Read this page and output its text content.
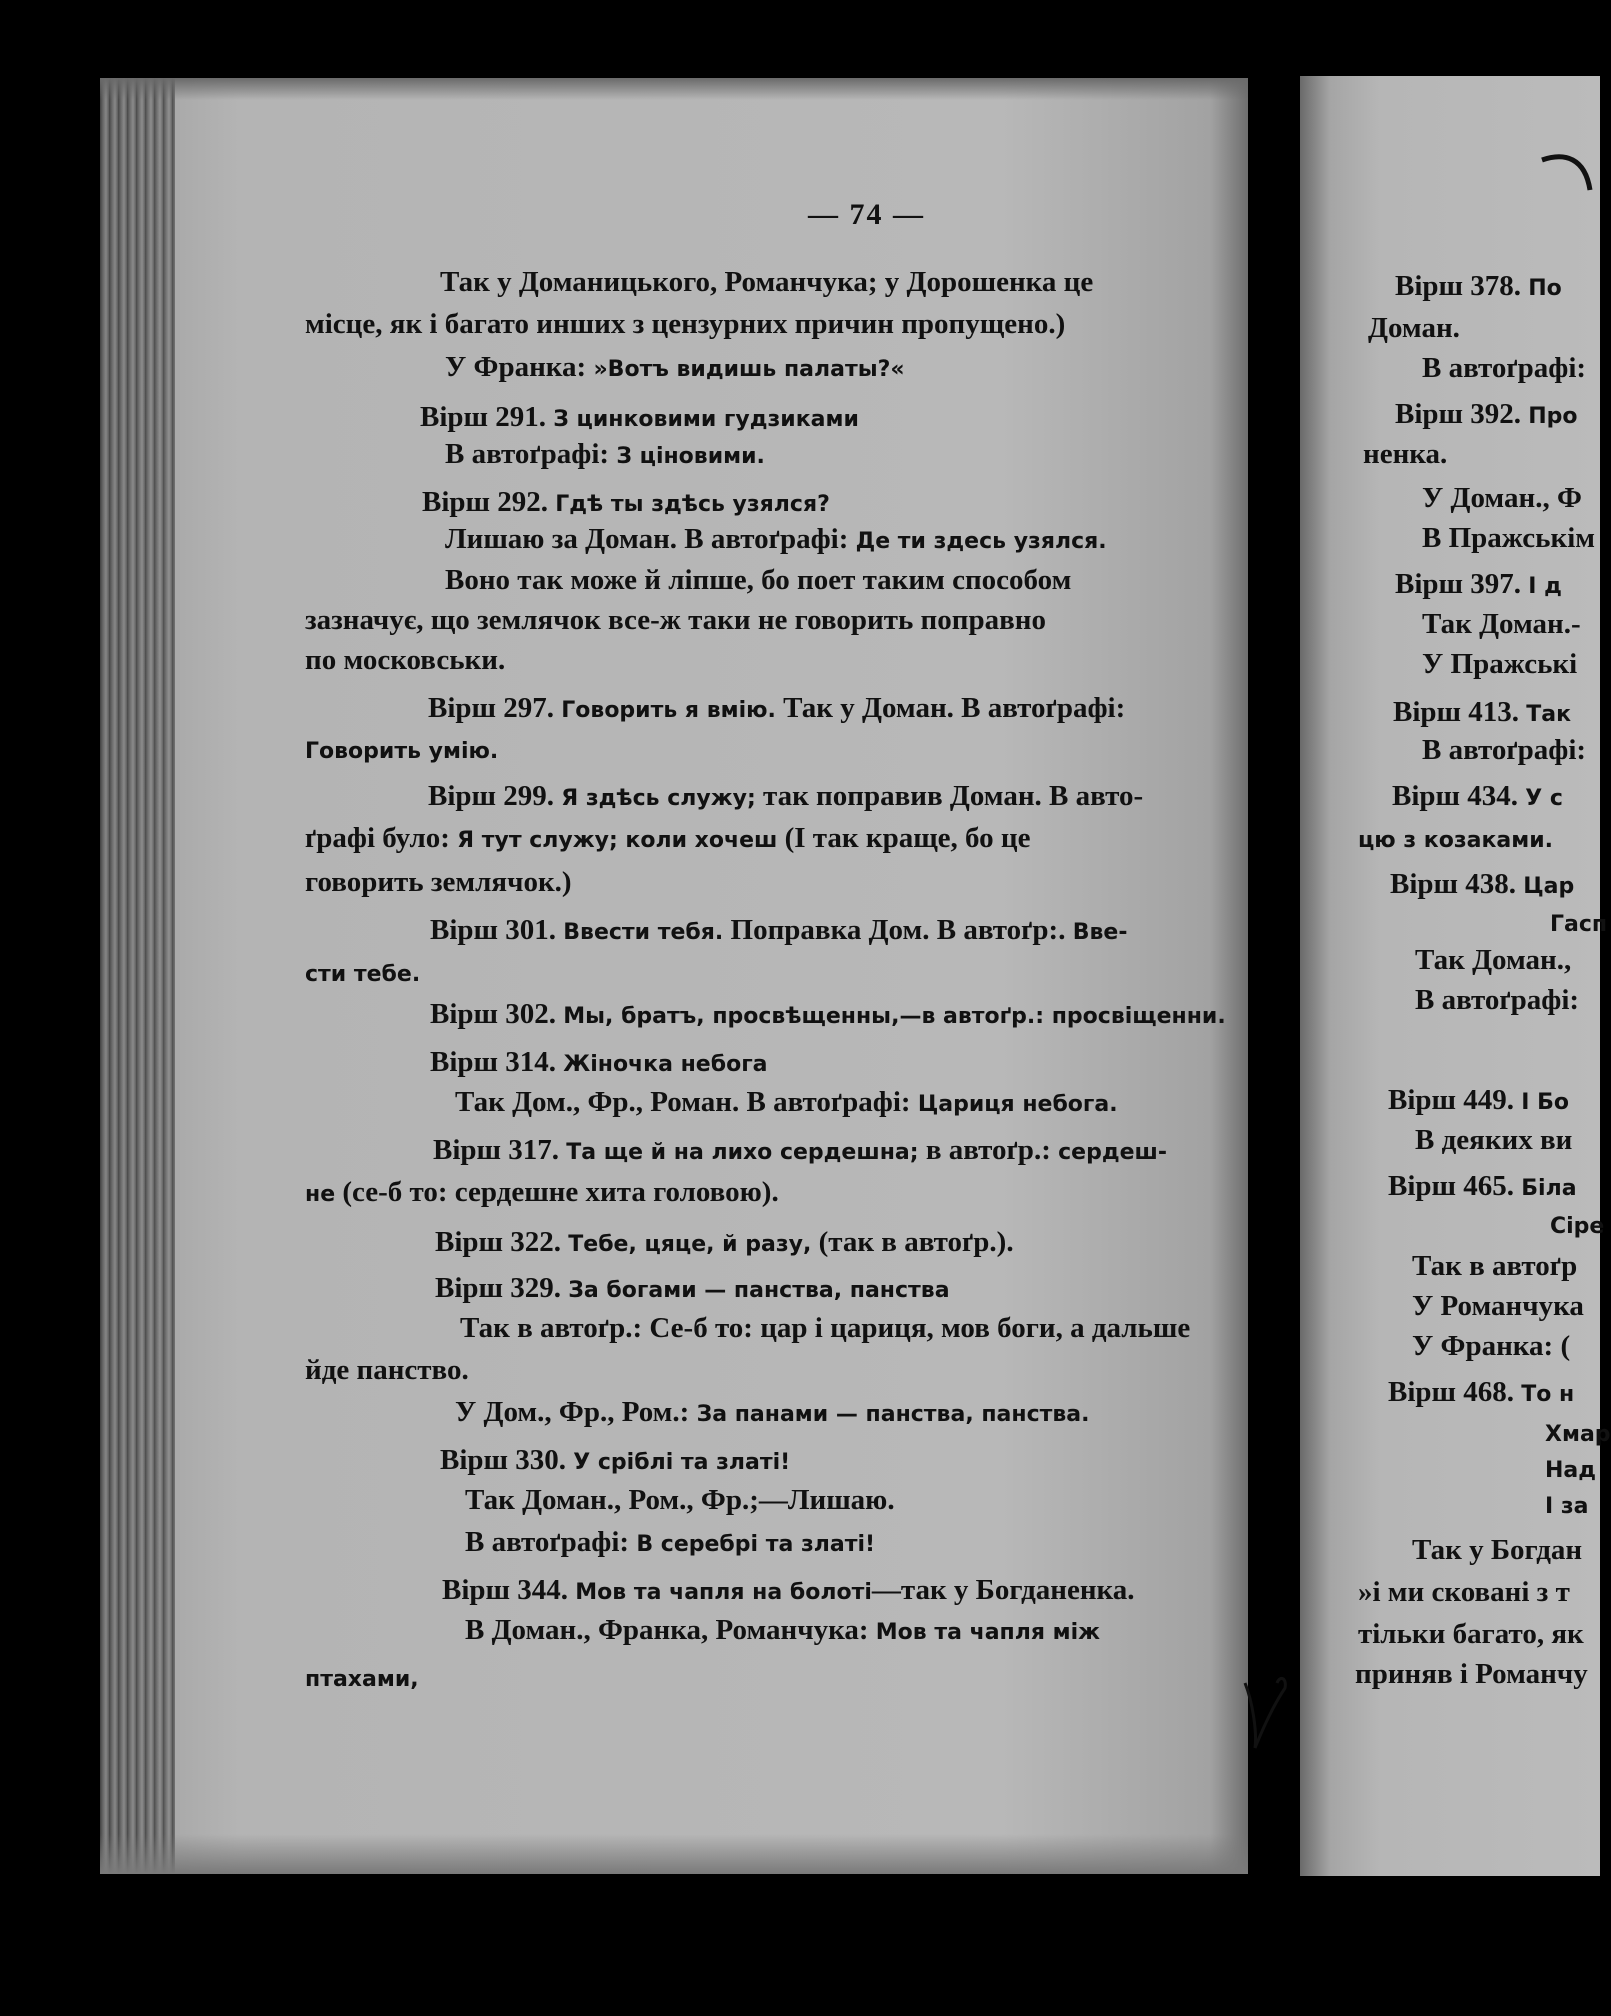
— 74 —
Так у Доманицького, Романчука; у Дорошенка це
місце, як і багато инших з цензурних причин пропущено.)
У Франка: »Вотъ видишь палаты?«
Вірш 291. З цинковими гудзиками
В автоґрафі: З ціновими.
Вірш 292. Гдѣ ты здѣсь узялся?
Лишаю за Доман. В автоґрафі: Де ти здесь узялся.
Воно так може й ліпше, бо поет таким способом
зазначує, що землячок все-ж таки не говорить поправно
по московськи.
Вірш 297. Говорить я вмію. Так у Доман. В автоґрафі:
Говорить умію.
Вірш 299. Я здѣсь служу; так поправив Доман. В авто-
ґрафі було: Я тут служу; коли хочеш (І так краще, бо це
говорить землячок.)
Вірш 301. Ввести тебя. Поправка Дом. В автоґр:. Вве-
сти тебе.
Вірш 302. Мы, братъ, просвѣщенны,—в автоґр.: просвіщенни.
Вірш 314. Жіночка небога
Так Дом., Фр., Роман. В автоґрафі: Цариця небога.
Вірш 317. Та ще й на лихо сердешна; в автоґр.: сердеш-
не (се-б то: сердешне хита головою).
Вірш 322. Тебе, цяце, й разу, (так в автоґр.).
Вірш 329. За богами — панства, панства
Так в автоґр.: Се-б то: цар і цариця, мов боги, а дальше
йде панство.
У Дом., Фр., Ром.: За панами — панства, панства.
Вірш 330. У сріблі та златі!
Так Доман., Ром., Фр.;—Лишаю.
В автоґрафі: В серебрі та златі!
Вірш 344. Мов та чапля на болоті—так у Богданенка.
В Доман., Франка, Романчука: Мов та чапля між
птахами,
Вірш 378. По
Доман.
В автоґрафі:
Вірш 392. Про
ненка.
У Доман., Ф
В Пражськім
Вірш 397. І д
Так Доман.-
У Пражські
Вірш 413. Так
В автоґрафі:
Вірш 434. У с
цю з козаками.
Вірш 438. Цар
Гасп
Так Доман.,
В автоґрафі:
Вірш 449. І Бо
В деяких ви
Вірш 465. Біла
Сіре
Так в автоґр
У Романчука
У Франка: (
Вірш 468. То н
Хмар
Над
І за
Так у Богдан
»і ми сковані з т
тільки багато, як
приняв і Романчу
